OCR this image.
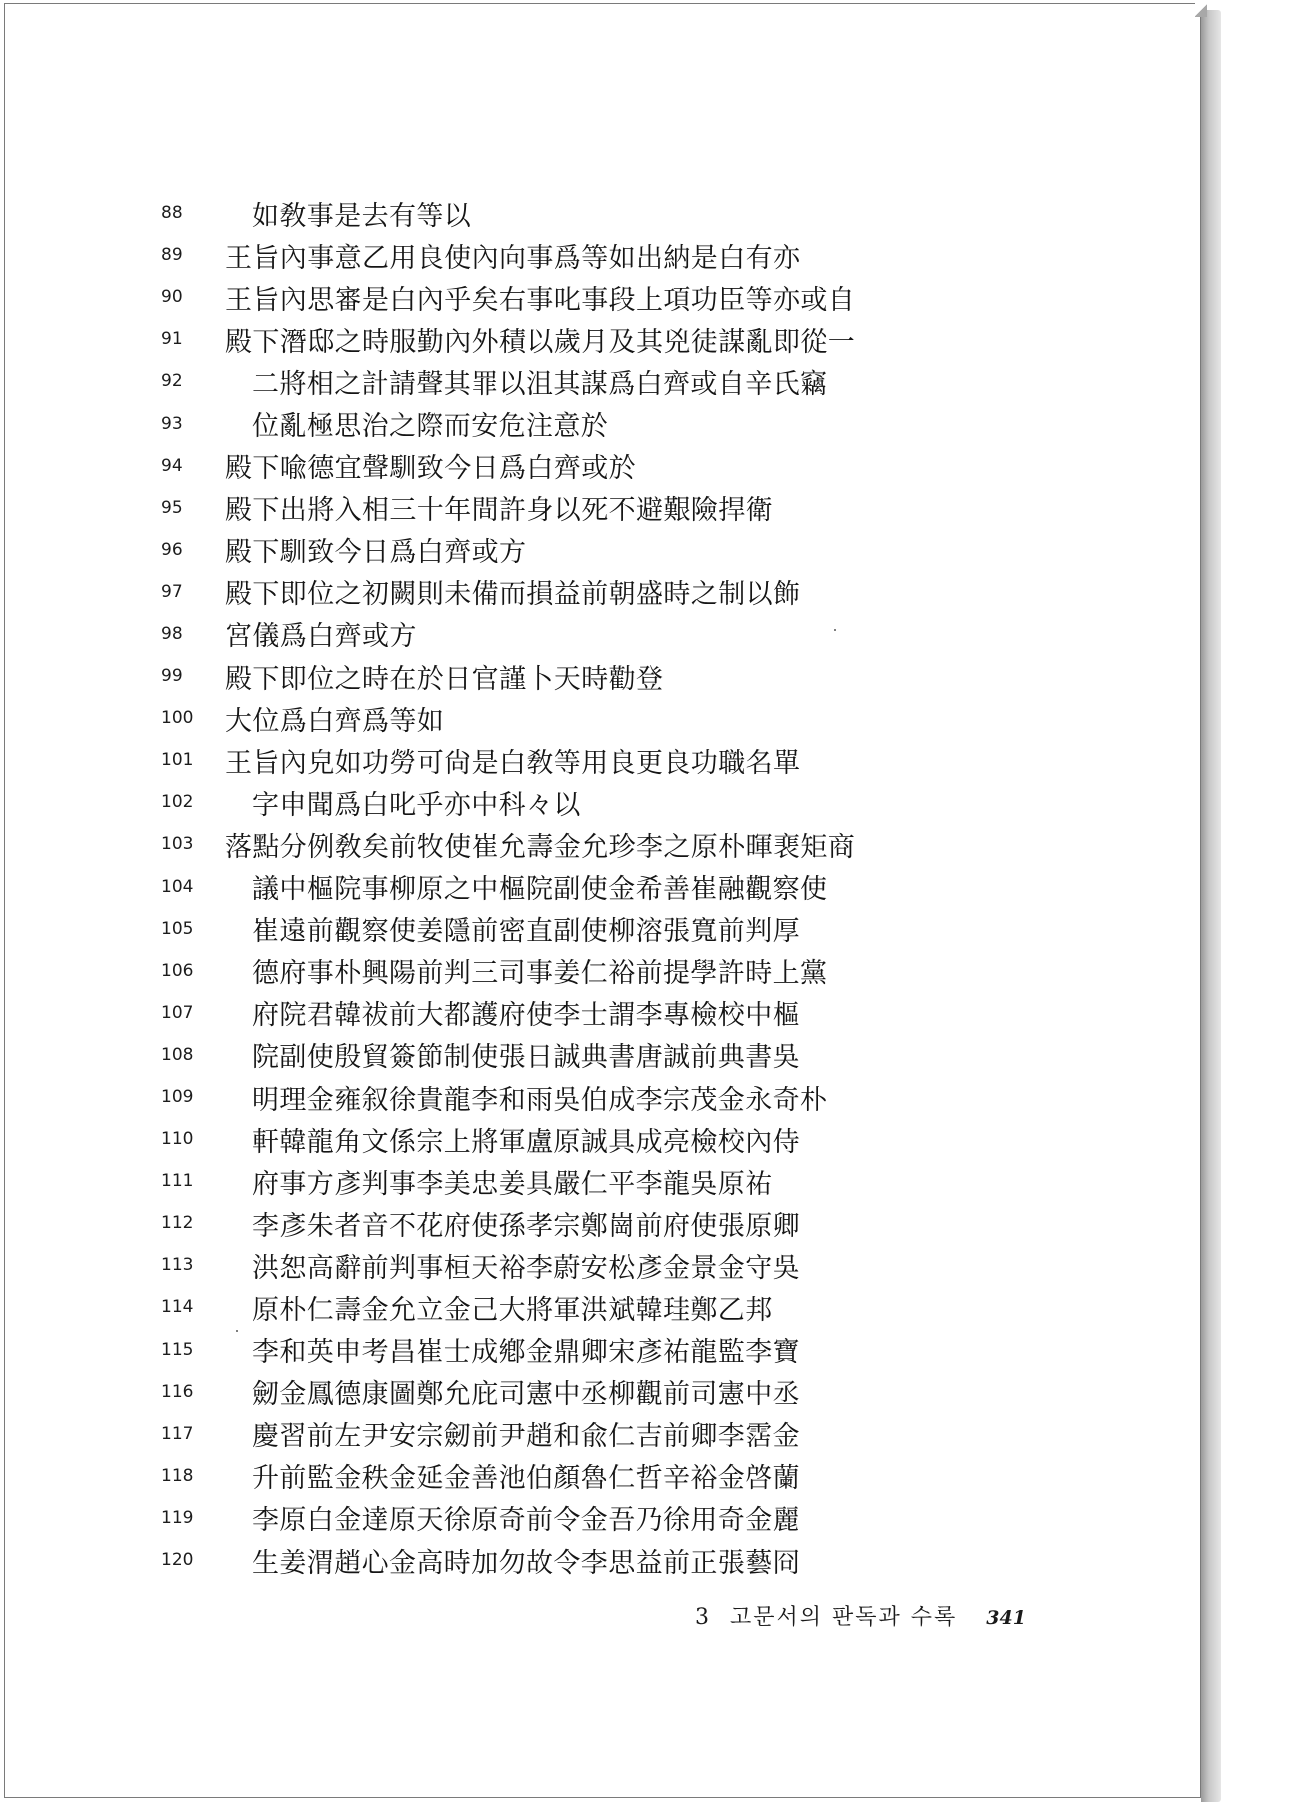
88	如敎事是去有等以
89	王旨內事意乙用良使內向事爲等如出納是白有亦
90	王旨內思審是白內乎矣右事叱事段上項功臣等亦或自
91	殿下潛邸之時服勤內外積以歲月及其兇徒謀亂即從一
92	二將相之計請聲其罪以沮其謀爲白齊或自辛氏竊
93	位亂極思治之際而安危注意於
94	殿下喩德宜聲馴致今日爲白齊或於
95	殿下出將入相三十年間許身以死不避艱險捍衛
96	殿下馴致今日爲白齊或方
97	殿下即位之初闕則未備而損益前朝盛時之制以飾
98	宮儀爲白齊或方
99	殿下即位之時在於日官謹卜天時勸登
100	大位爲白齊爲等如
101	王旨內皃如功勞可尙是白敎等用良更良功職名單
102	字申聞爲白叱乎亦中科々以
103	落點分例敎矣前牧使崔允壽金允珍李之原朴暉裵矩商
104	議中樞院事柳原之中樞院副使金希善崔融觀察使
105	崔遠前觀察使姜隱前密直副使柳溶張寬前判厚
106	德府事朴興陽前判三司事姜仁裕前提學許時上黨
107	府院君韓祓前大都護府使李士謂李專檢校中樞
108	院副使殷貿簽節制使張日誠典書唐誠前典書吳
109	明理金雍叙徐貴龍李和雨吳伯成李宗茂金永奇朴
110	軒韓龍角文係宗上將軍盧原誠具成亮檢校內侍
111	府事方彥判事李美忠姜具嚴仁平李龍吳原祐
112	李彥朱者音不花府使孫孝宗鄭崗前府使張原卿
113	洪恕高辭前判事桓天裕李蔚安松彥金景金守吳
114	原朴仁壽金允立金己大將軍洪斌韓珪鄭乙邦
115	李和英申考昌崔士成鄕金鼎卿宋彥祐龍監李寶
116	劒金鳳德康圖鄭允庇司憲中丞柳觀前司憲中丞
117	慶習前左尹安宗劒前尹趙和兪仁吉前卿李霑金
118	升前監金秩金延金善池伯顏魯仁哲辛裕金啓蘭
119	李原白金達原天徐原奇前令金吾乃徐用奇金麗
120	生姜渭趙心金高時加勿故令李思益前正張藝冏
3 고문서의 판독과 수록 341
